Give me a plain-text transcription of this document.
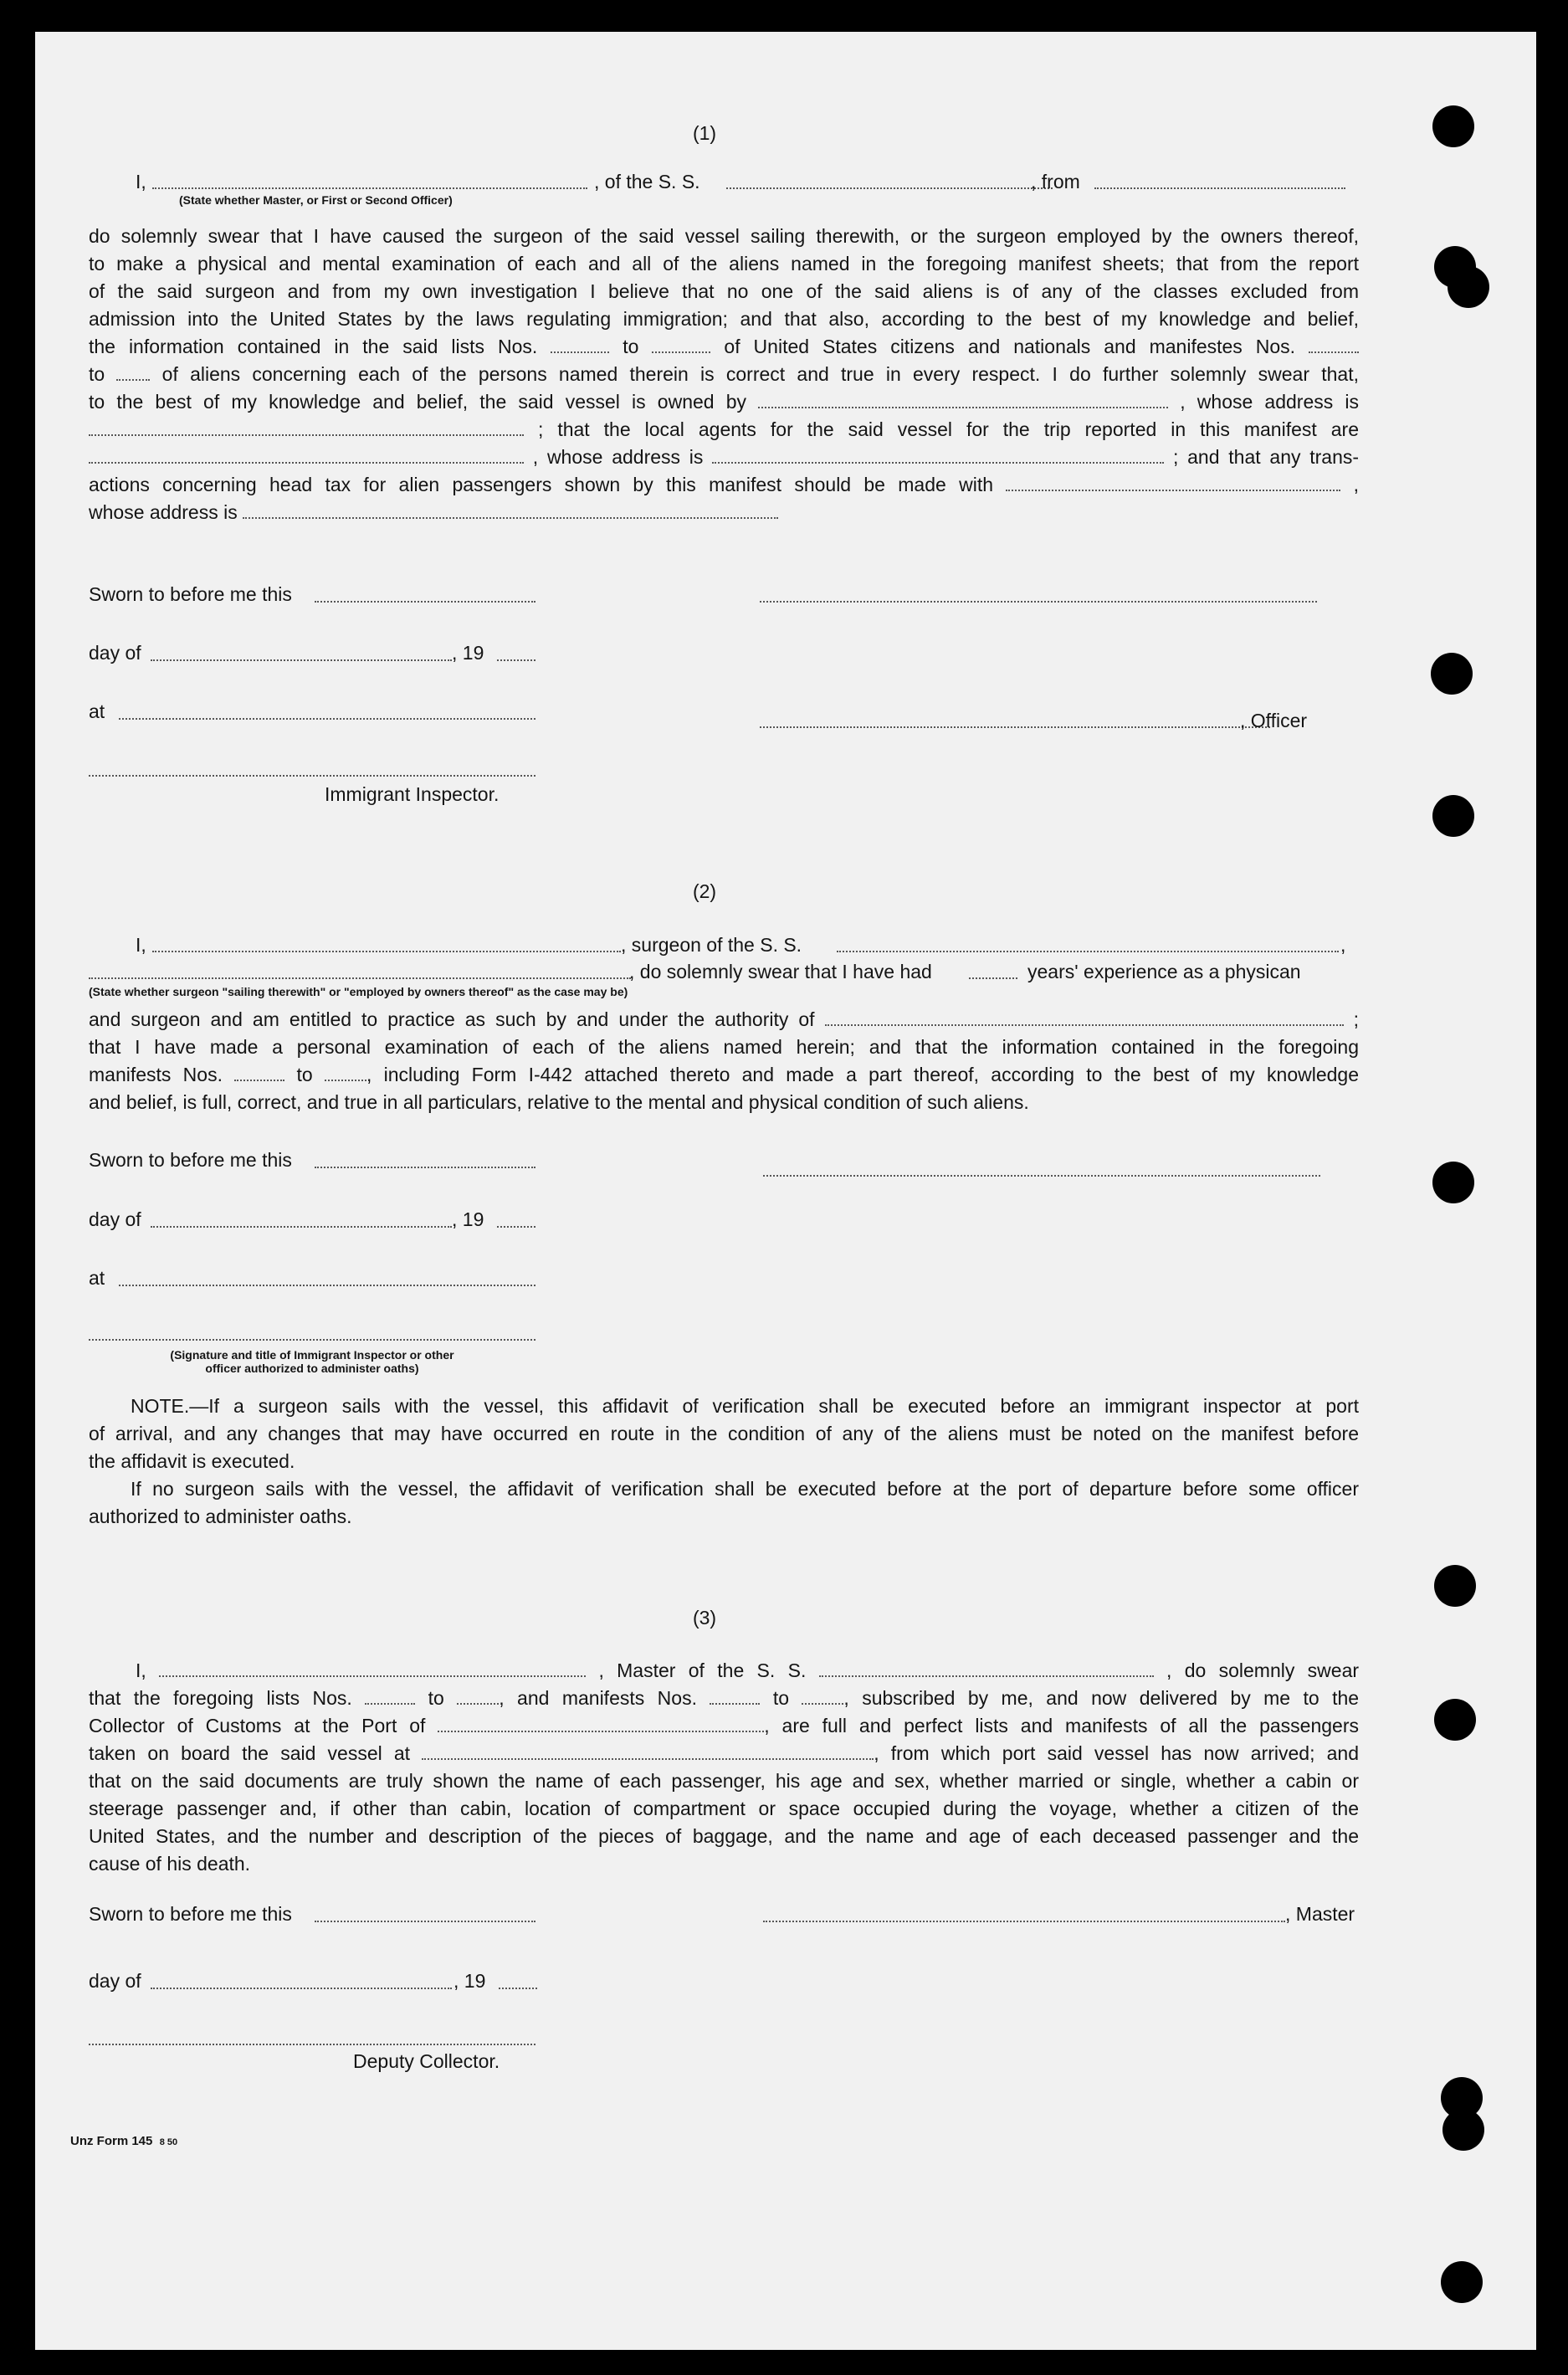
(1)
I,	, of the S. S.	, from
(State whether Master, or First or Second Officer)
do solemnly swear that I have caused the surgeon of the said vessel sailing therewith, or the surgeon employed by the owners thereof,
to make a physical and mental examination of each and all of the aliens named in the foregoing manifest sheets; that from the report
of the said surgeon and from my own investigation I believe that no one of the said aliens is of any of the classes excluded from
admission into the United States by the laws regulating immigration; and that also, according to the best of my knowledge and belief,
the information contained in the said lists Nos.	to	of United States citizens and nationals and manifestes Nos.
to	of aliens concerning each of the persons named therein is correct and true in every respect. I do further solemnly swear that,
to the best of my knowledge and belief, the said vessel is owned by	, whose address is
; that the local agents for the said vessel for the trip reported in this manifest are
, whose address is	; and that any trans-
actions concerning head tax for alien passengers shown by this manifest should be made with	,
whose address is
Sworn to before me this
day of	, 19
at	, Officer
Immigrant Inspector.
(2)
I,	, surgeon of the S. S.	,
, do solemnly swear that I have had	years' experience as a physican
(State whether surgeon "sailing therewith" or "employed by owners thereof" as the case may be)
and surgeon and am entitled to practice as such by and under the authority of	;
that I have made a personal examination of each of the aliens named herein; and that the information contained in the foregoing
manifests Nos.	to	, including Form I-442 attached thereto and made a part thereof, according to the best of my knowledge
and belief, is full, correct, and true in all particulars, relative to the mental and physical condition of such aliens.
Sworn to before me this
day of	, 19
at
(Signature and title of Immigrant Inspector or other
officer authorized to administer oaths)
NOTE.—If a surgeon sails with the vessel, this affidavit of verification shall be executed before an immigrant inspector at port
of arrival, and any changes that may have occurred en route in the condition of any of the aliens must be noted on the manifest before
the affidavit is executed.
If no surgeon sails with the vessel, the affidavit of verification shall be executed before at the port of departure before some officer
authorized to administer oaths.
(3)
I,	, Master of the S. S.	, do solemnly swear
that the foregoing lists Nos.	to	, and manifests Nos.	to	, subscribed by me, and now delivered by me to the
Collector of Customs at the Port of	, are full and perfect lists and manifests of all the passengers
taken on board the said vessel at	, from which port said vessel has now arrived; and
that on the said documents are truly shown the name of each passenger, his age and sex, whether married or single, whether a cabin or
steerage passenger and, if other than cabin, location of compartment or space occupied during the voyage, whether a citizen of the
United States, and the number and description of the pieces of baggage, and the name and age of each deceased passenger and the
cause of his death.
Sworn to before me this	, Master
day of	, 19
Deputy Collector.
Unz Form 145 8 50
